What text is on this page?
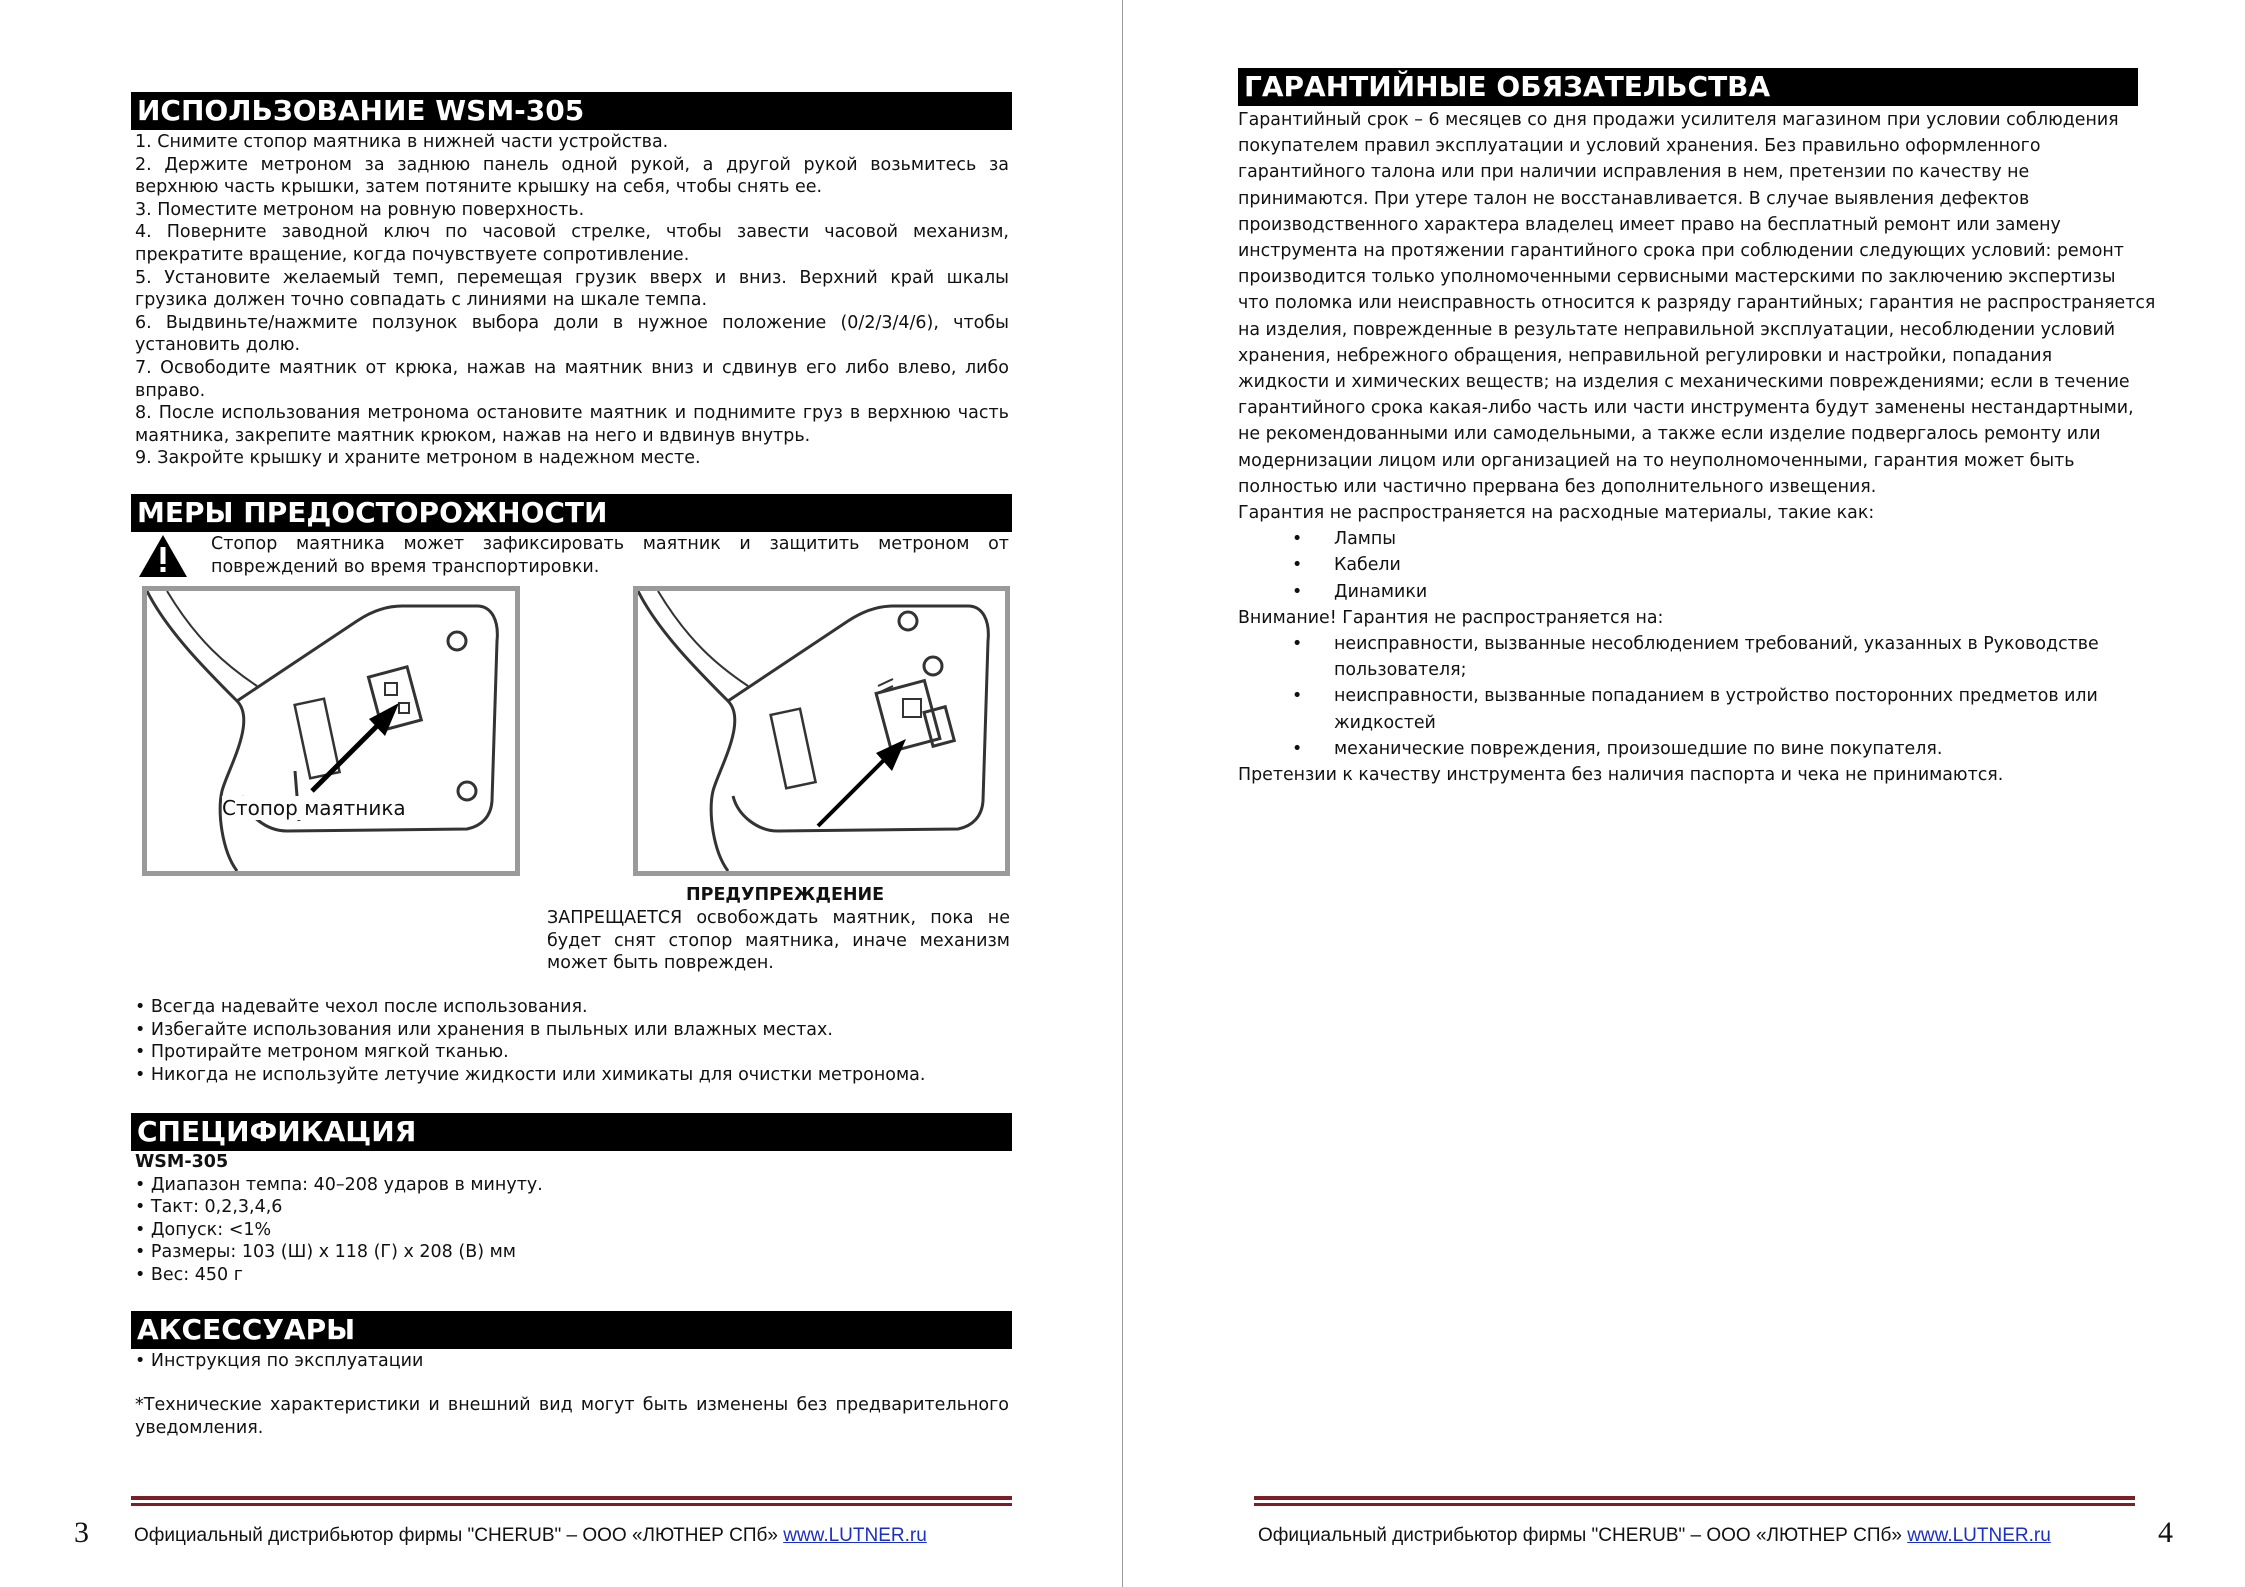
ИСПОЛЬЗОВАНИЕ WSM-305

1. Снимите стопор маятника в нижней части устройства.

2. Держите метроном за заднюю панель одной рукой, а другой рукой возьмитесь за верхнюю часть крышки, затем потяните крышку на себя, чтобы снять ее.

3. Поместите метроном на ровную поверхность.

4. Поверните заводной ключ по часовой стрелке, чтобы завести часовой механизм, прекратите вращение, когда почувствуете сопротивление.

5. Установите желаемый темп, перемещая грузик вверх и вниз. Верхний край шкалы грузика должен точно совпадать с линиями на шкале темпа.

6. Выдвиньте/нажмите ползунок выбора доли в нужное положение (0/2/3/4/6), чтобы установить долю.

7. Освободите маятник от крюка, нажав на маятник вниз и сдвинув его либо влево, либо вправо.

8. После использования метронома остановите маятник и поднимите груз в верхнюю часть маятника, закрепите маятник крюком, нажав на него и вдвинув внутрь.

9. Закройте крышку и храните метроном в надежном месте.

МЕРЫ ПРЕДОСТОРОЖНОСТИ

Стопор маятника может зафиксировать маятник и защитить метроном от повреждений во время транспортировки.

Стопор маятника
ПРЕДУПРЕЖДЕНИЕ

ЗАПРЕЩАЕТСЯ освобождать маятник, пока не будет снят стопор маятника, иначе механизм может быть поврежден.

• Всегда надевайте чехол после использования.

• Избегайте использования или хранения в пыльных или влажных местах.

• Протирайте метроном мягкой тканью.

• Никогда не используйте летучие жидкости или химикаты для очистки метронома.

СПЕЦИФИКАЦИЯ

WSM-305

• Диапазон темпа: 40–208 ударов в минуту.

• Такт: 0,2,3,4,6

• Допуск: <1%

• Размеры: 103 (Ш) x 118 (Г) x 208 (В) мм

• Вес: 450 г

АКСЕССУАРЫ

• Инструкция по эксплуатации

*Технические характеристики и внешний вид могут быть изменены без предварительного уведомления.

3 Официальный дистрибьютор фирмы "CHERUB" – ООО «ЛЮТНЕР СПб» www.LUTNER.ru
ГАРАНТИЙНЫЕ ОБЯЗАТЕЛЬСТВА

Гарантийный срок – 6 месяцев со дня продажи усилителя магазином при условии соблюдения

покупателем правил эксплуатации и условий хранения. Без правильно оформленного

гарантийного талона или при наличии исправления в нем, претензии по качеству не

принимаются. При утере талон не восстанавливается. В случае выявления дефектов

производственного характера владелец имеет право на бесплатный ремонт или замену

инструмента на протяжении гарантийного срока при соблюдении следующих условий: ремонт

производится только уполномоченными сервисными мастерскими по заключению экспертизы

что поломка или неисправность относится к разряду гарантийных; гарантия не распространяется

на изделия, поврежденные в результате неправильной эксплуатации, несоблюдении условий

хранения, небрежного обращения, неправильной регулировки и настройки, попадания

жидкости и химических веществ; на изделия с механическими повреждениями; если в течение

гарантийного срока какая-либо часть или части инструмента будут заменены нестандартными,

не рекомендованными или самодельными, а также если изделие подвергалось ремонту или

модернизации лицом или организацией на то неуполномоченными, гарантия может быть

полностью или частично прервана без дополнительного извещения.

Гарантия не распространяется на расходные материалы, такие как:

• Лампы
• Кабели
• Динамики

Внимание! Гарантия не распространяется на:

• неисправности, вызванные несоблюдением требований, указанных в Руководстве
пользователя;
• неисправности, вызванные попаданием в устройство посторонних предметов или
жидкостей
• механические повреждения, произошедшие по вине покупателя.

Претензии к качеству инструмента без наличия паспорта и чека не принимаются.

Официальный дистрибьютор фирмы "CHERUB" – ООО «ЛЮТНЕР СПб» www.LUTNER.ru	4
